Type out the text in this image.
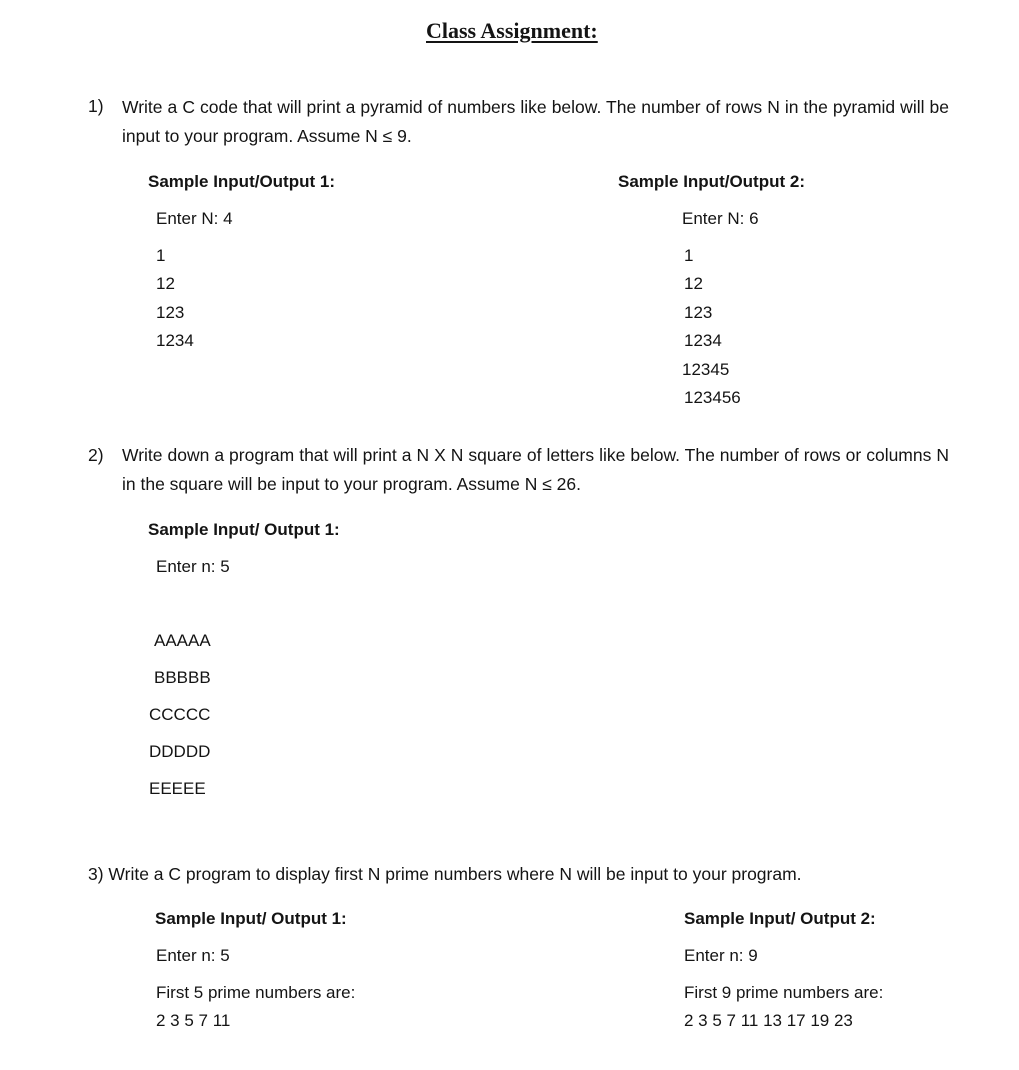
Class Assignment:
1) Write a C code that will print a pyramid of numbers like below. The number of rows N in the pyramid will be input to your program. Assume N ≤ 9.
Sample Input/Output 1:
Enter N: 4
1
12
123
1234
Sample Input/Output 2:
Enter N: 6
1
12
123
1234
12345
123456
2) Write down a program that will print a N X N square of letters like below. The number of rows or columns N in the square will be input to your program. Assume N ≤ 26.
Sample Input/ Output 1:
Enter n: 5
AAAAA
BBBBB
CCCCC
DDDDD
EEEEE
3) Write a C program to display first N prime numbers where N will be input to your program.
Sample Input/ Output 1:
Enter n: 5
First 5 prime numbers are:
2 3 5 7 11
Sample Input/ Output 2:
Enter n: 9
First 9 prime numbers are:
2 3 5 7 11 13 17 19 23
